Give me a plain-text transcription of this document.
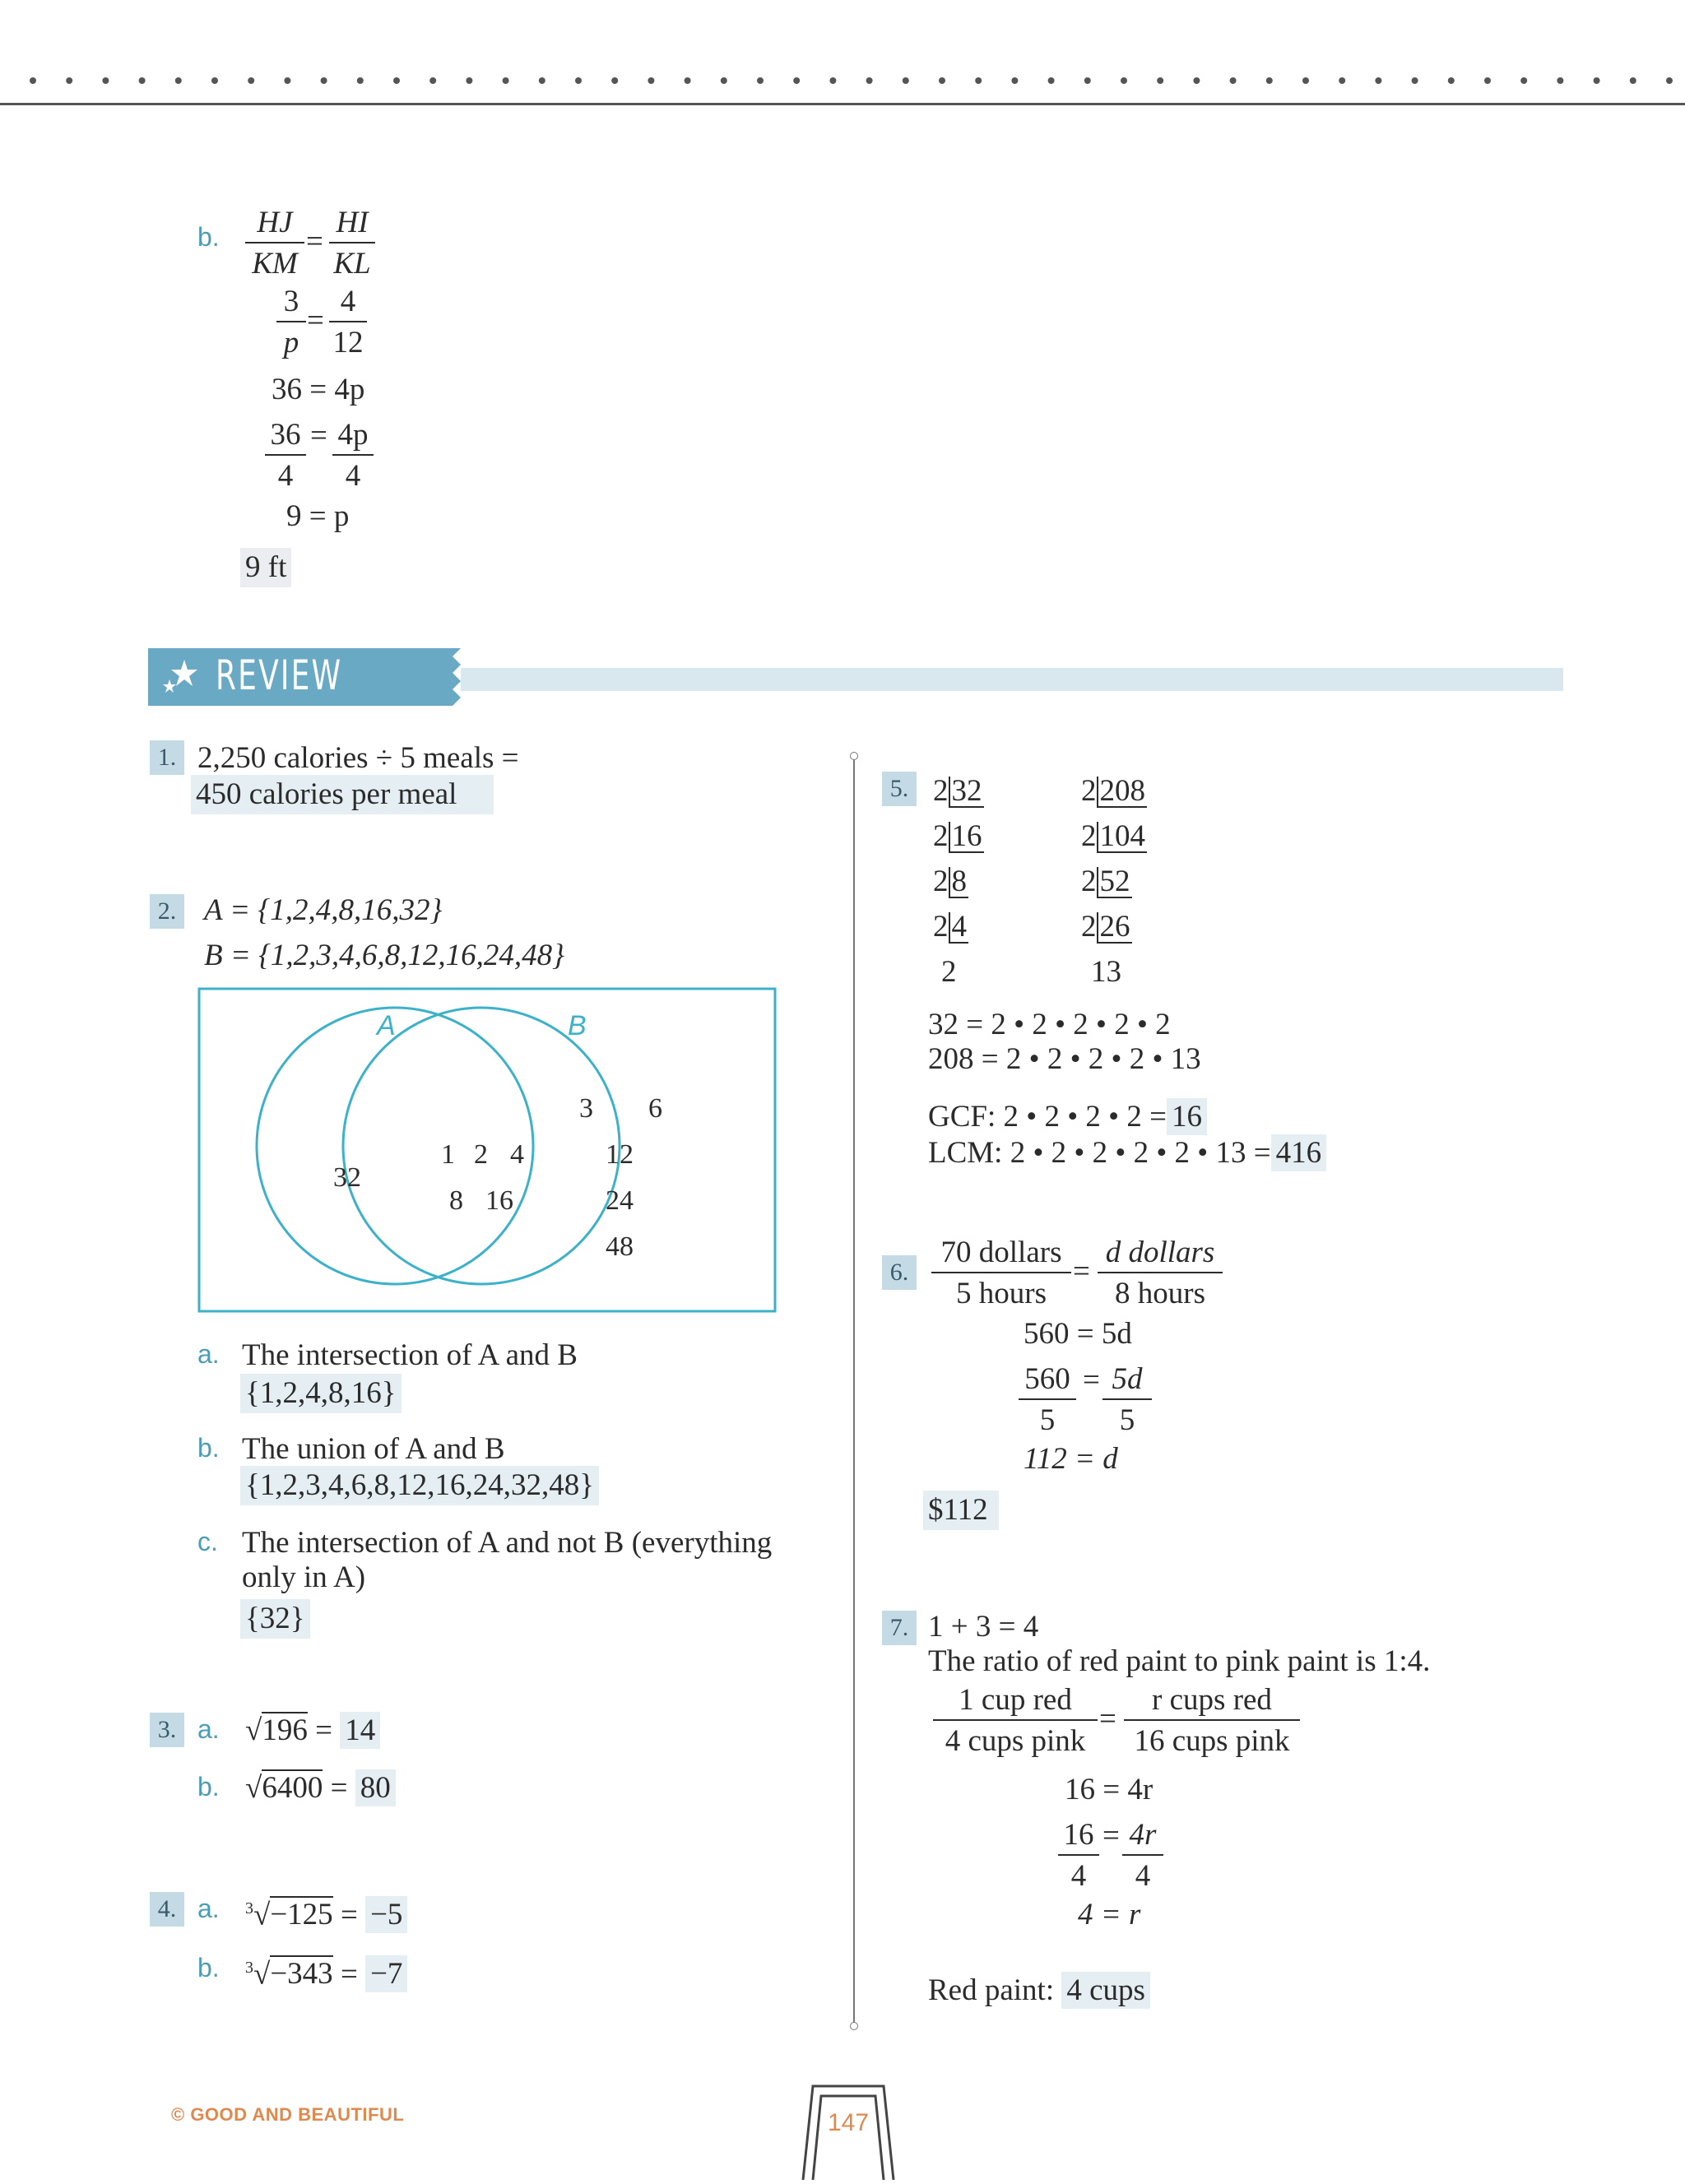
b. $\frac{HJ}{KM} = \frac{HI}{KL}$
$\frac{3}{p} = \frac{4}{12}$
36 = 4p
$\frac{36}{4} = \frac{4p}{4}$
9 = p
9 ft
REVIEW
1. 2,250 calories ÷ 5 meals =
450 calories per meal
2. A = {1,2,4,8,16,32}
B = {1,2,3,4,6,8,12,16,24,48}
A	B
32
1 2 4
8 16
3 6
12
24
48
a. The intersection of A and B
{1,2,4,8,16}
b. The union of A and B
{1,2,3,4,6,8,12,16,24,32,48}
c. The intersection of A and not B (everything
only in A)
{32}
3. a. √196 = 14
b. √6400 = 80
4. a. $^3$√−125 = −5
b. $^3$√−343 = −7
5. 2 32
2 16
2 8
2 4
2
2 208
2 104
2 52
2 26
13
32 = 2 • 2 • 2 • 2 • 2
208 = 2 • 2 • 2 • 2 • 13
GCF: 2 • 2 • 2 • 2 = 16
LCM: 2 • 2 • 2 • 2 • 2 • 13 = 416
6.
70 dollars
5 hours
=
d dollars
8 hours
560 = 5d
$\frac{560}{5} = \frac{5d}{5}$
112 = d
$112
7. 1 + 3 = 4
The ratio of red paint to pink paint is 1:4.
1 cup red
4 cups pink
=
r cups red
16 cups pink
16 = 4r
$\frac{16}{4} = \frac{4r}{4}$
4 = r
Red paint: 4 cups
© GOOD AND BEAUTIFUL	147
